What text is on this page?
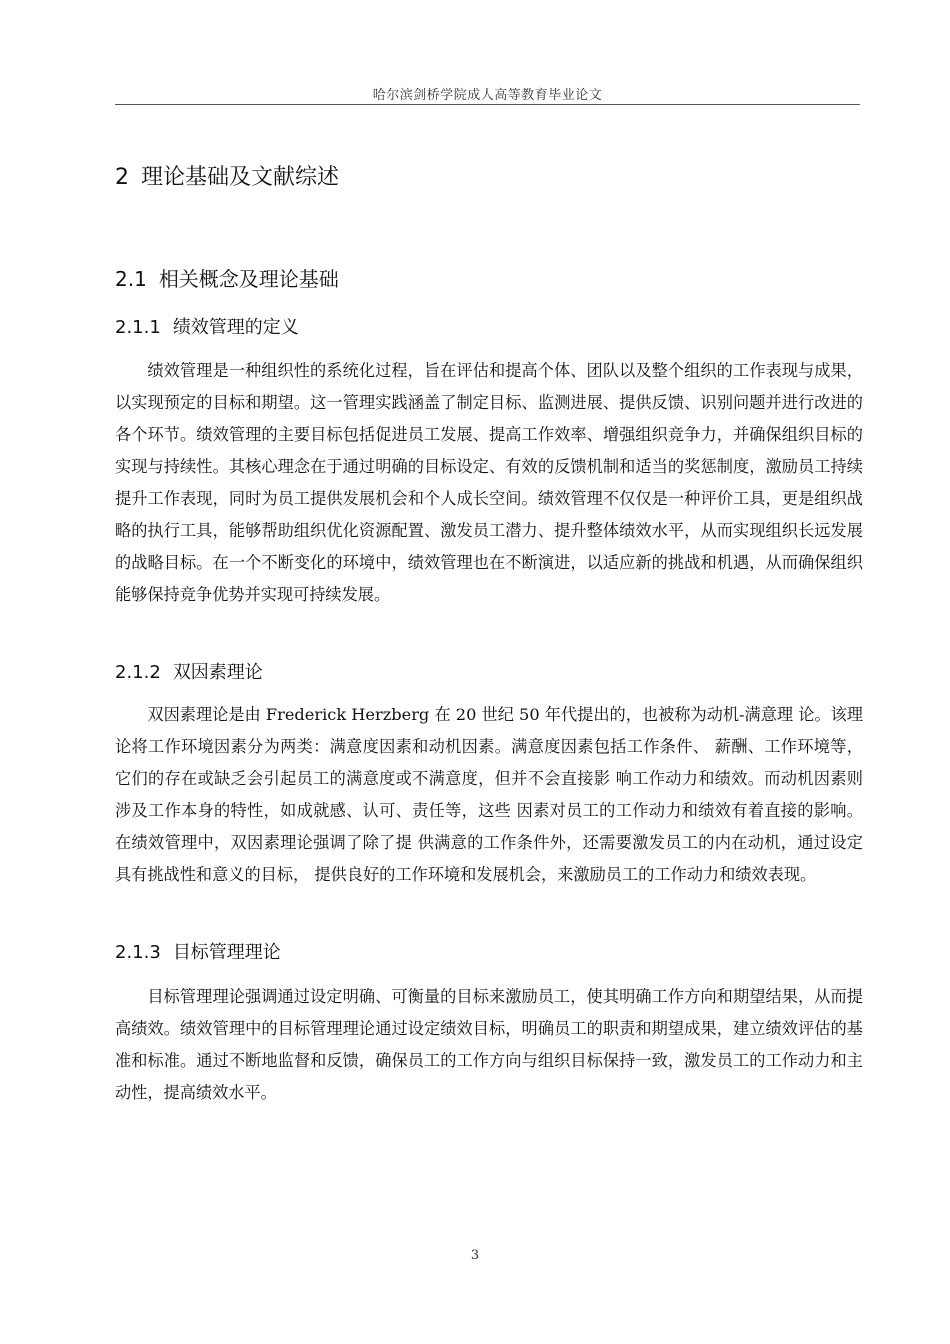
哈尔滨剑桥学院成人高等教育毕业论文
2 理论基础及文献综述
2.1 相关概念及理论基础
2.1.1 绩效管理的定义

绩效管理是一种组织性的系统化过程，旨在评估和提高个体、团队以及整个组织的工作表现与成果，以实现预定的目标和期望。这一管理实践涵盖了制定目标、监测进展、提供反馈、识别问题并进行改进的各个环节。绩效管理的主要目标包括促进员工发展、提高工作效率、增强组织竞争力，并确保组织目标的实现与持续性。其核心理念在于通过明确的目标设定、有效的反馈机制和适当的奖惩制度，激励员工持续提升工作表现，同时为员工提供发展机会和个人成长空间。绩效管理不仅仅是一种评价工具，更是组织战略的执行工具，能够帮助组织优化资源配置、激发员工潜力、提升整体绩效水平，从而实现组织长远发展的战略目标。在一个不断变化的环境中，绩效管理也在不断演进，以适应新的挑战和机遇，从而确保组织能够保持竞争优势并实现可持续发展。

2.1.2 双因素理论

双因素理论是由 Frederick Herzberg 在 20 世纪 50 年代提出的，也被称为动机-满意理 论。该理论将工作环境因素分为两类：满意度因素和动机因素。满意度因素包括工作条件、 薪酬、工作环境等，它们的存在或缺乏会引起员工的满意度或不满意度，但并不会直接影 响工作动力和绩效。而动机因素则涉及工作本身的特性，如成就感、认可、责任等，这些 因素对员工的工作动力和绩效有着直接的影响。在绩效管理中，双因素理论强调了除了提 供满意的工作条件外，还需要激发员工的内在动机，通过设定具有挑战性和意义的目标， 提供良好的工作环境和发展机会，来激励员工的工作动力和绩效表现。

2.1.3 目标管理理论

目标管理理论强调通过设定明确、可衡量的目标来激励员工，使其明确工作方向和期望结果，从而提高绩效。绩效管理中的目标管理理论通过设定绩效目标，明确员工的职责和期望成果，建立绩效评估的基准和标准。通过不断地监督和反馈，确保员工的工作方向与组织目标保持一致，激发员工的工作动力和主动性，提高绩效水平。

3
